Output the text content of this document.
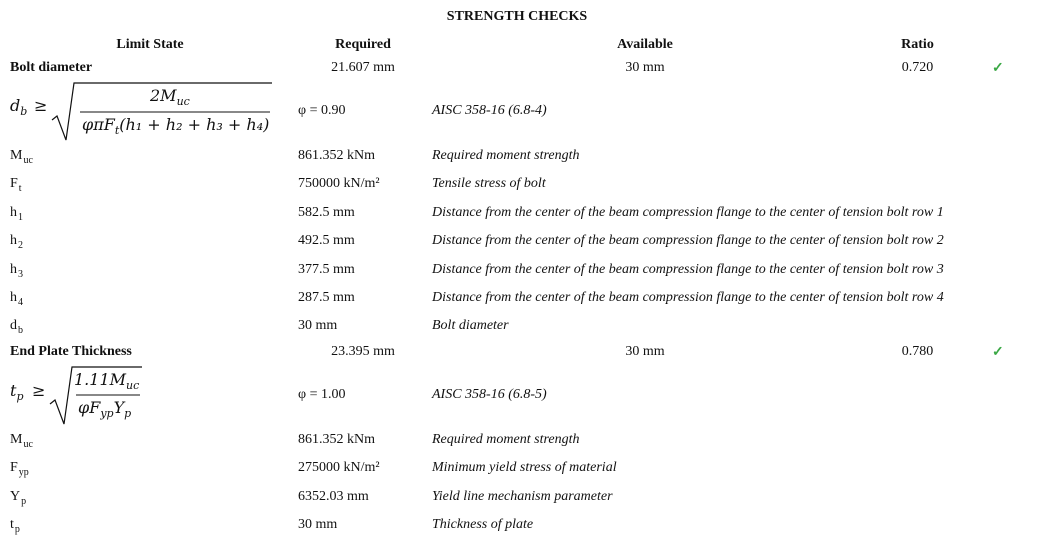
STRENGTH CHECKS
Limit State	Required	Available	Ratio
Bolt diameter	21.607 mm	30 mm	0.720	✓
$d_b$ ≥
$2M_{uc}$
φπF$_t$(h₁ + h₂ + h₃ + h₄)
φ = 0.90	AISC 358-16 (6.8-4)
$M_{uc}$	861.352 kNm	Required moment strength
$F_t$	750000 kN/m²	Tensile stress of bolt
$h_1$	582.5 mm	Distance from the center of the beam compression flange to the center of tension bolt row 1
$h_2$	492.5 mm	Distance from the center of the beam compression flange to the center of tension bolt row 2
$h_3$	377.5 mm	Distance from the center of the beam compression flange to the center of tension bolt row 3
$h_4$	287.5 mm	Distance from the center of the beam compression flange to the center of tension bolt row 4
$d_b$	30 mm	Bolt diameter
End Plate Thickness	23.395 mm	30 mm	0.780	✓
$t_p$ ≥
$1.11M_{uc}$
$\varphi F_{yp}Y_p$
φ = 1.00	AISC 358-16 (6.8-5)
$M_{uc}$	861.352 kNm	Required moment strength
$F_{yp}$	275000 kN/m²	Minimum yield stress of material
$Y_p$	6352.03 mm	Yield line mechanism parameter
$t_p$	30 mm	Thickness of plate
